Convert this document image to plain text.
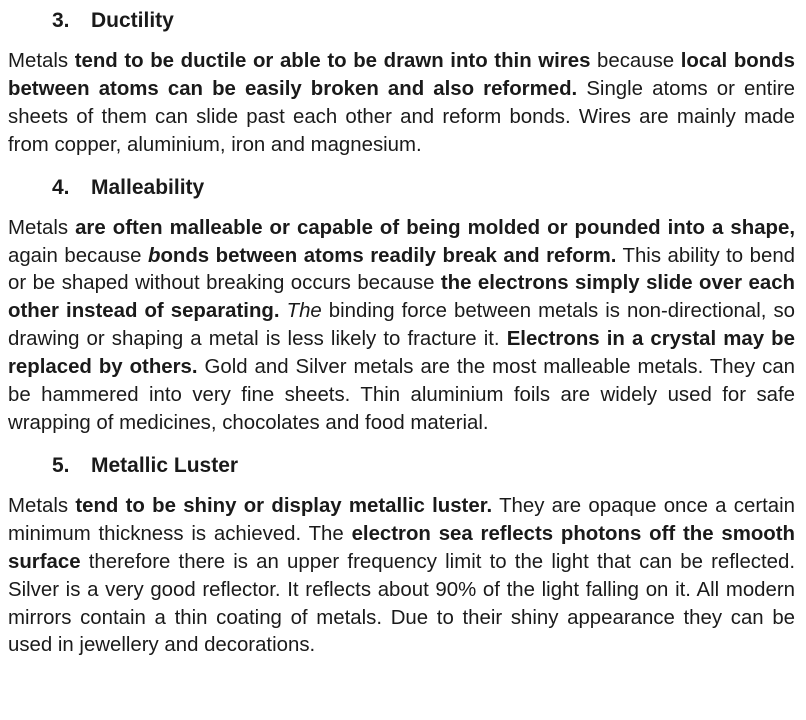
3. Ductility

Metals tend to be ductile or able to be drawn into thin wires because local bonds between atoms can be easily broken and also reformed. Single atoms or entire sheets of them can slide past each other and reform bonds. Wires are mainly made from copper, aluminium, iron and magnesium.

4. Malleability

Metals are often malleable or capable of being molded or pounded into a shape, again because bonds between atoms readily break and reform. This ability to bend or be shaped without breaking occurs because the electrons simply slide over each other instead of separating. The binding force between metals is non-directional, so drawing or shaping a metal is less likely to fracture it. Electrons in a crystal may be replaced by others. Gold and Silver metals are the most malleable metals. They can be hammered into very fine sheets. Thin aluminium foils are widely used for safe wrapping of medicines, chocolates and food material.

5. Metallic Luster

Metals tend to be shiny or display metallic luster. They are opaque once a certain minimum thickness is achieved. The electron sea reflects photons off the smooth surface therefore there is an upper frequency limit to the light that can be reflected. Silver is a very good reflector. It reflects about 90% of the light falling on it. All modern mirrors contain a thin coating of metals. Due to their shiny appearance they can be used in jewellery and decorations.
